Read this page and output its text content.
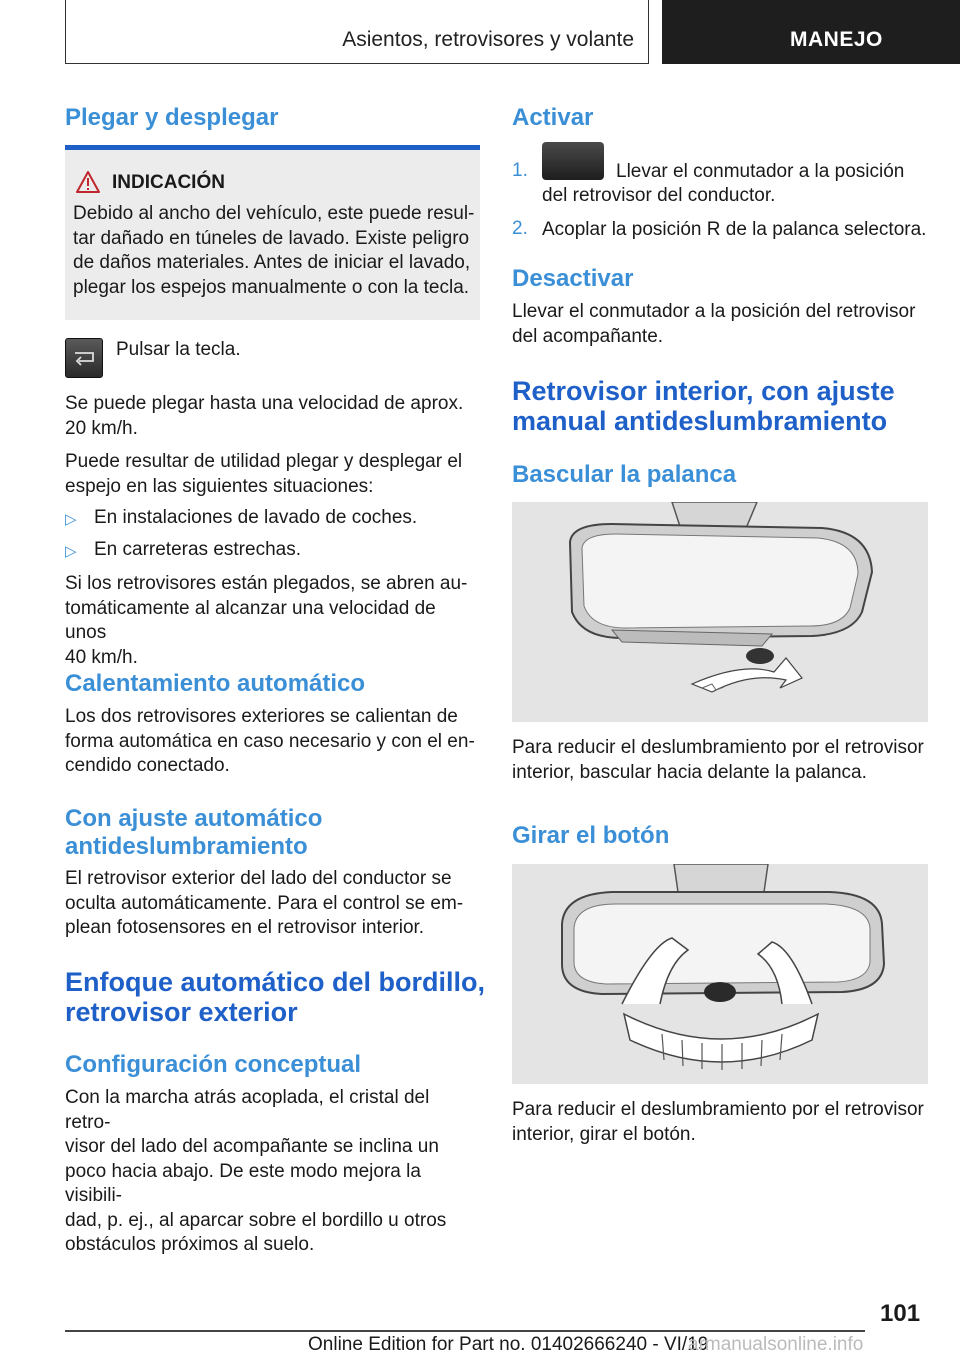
Asientos, retrovisores y volante	MANEJO
Plegar y desplegar
INDICACIÓN
Debido al ancho del vehículo, este puede resul-
tar dañado en túneles de lavado. Existe peligro
de daños materiales. Antes de iniciar el lavado,
plegar los espejos manualmente o con la tecla.

Pulsar la tecla.

Se puede plegar hasta una velocidad de aprox.
20 km/h.

Puede resultar de utilidad plegar y desplegar el
espejo en las siguientes situaciones:

▷ En instalaciones de lavado de coches.

▷ En carreteras estrechas.

Si los retrovisores están plegados, se abren au-
tomáticamente al alcanzar una velocidad de unos
40 km/h.

Calentamiento automático

Los dos retrovisores exteriores se calientan de
forma automática en caso necesario y con el en-
cendido conectado.

Con ajuste automático
antideslumbramiento

El retrovisor exterior del lado del conductor se
oculta automáticamente. Para el control se em-
plean fotosensores en el retrovisor interior.

Enfoque automático del bordillo,
retrovisor exterior
Configuración conceptual

Con la marcha atrás acoplada, el cristal del retro-
visor del lado del acompañante se inclina un
poco hacia abajo. De este modo mejora la visibili-
dad, p. ej., al aparcar sobre el bordillo u otros
obstáculos próximos al suelo.

Activar
1.	Llevar el conmutador a la posición

del retrovisor del conductor.

2. Acoplar la posición R de la palanca selectora.

Desactivar

Llevar el conmutador a la posición del retrovisor
del acompañante.

Retrovisor interior, con ajuste
manual antideslumbramiento
Bascular la palanca

Para reducir el deslumbramiento por el retrovisor
interior, bascular hacia delante la palanca.

Girar el botón

Para reducir el deslumbramiento por el retrovisor
interior, girar el botón.

101
Online Edition for Part no. 01402666240 - VI/19
armanualsonline.info
